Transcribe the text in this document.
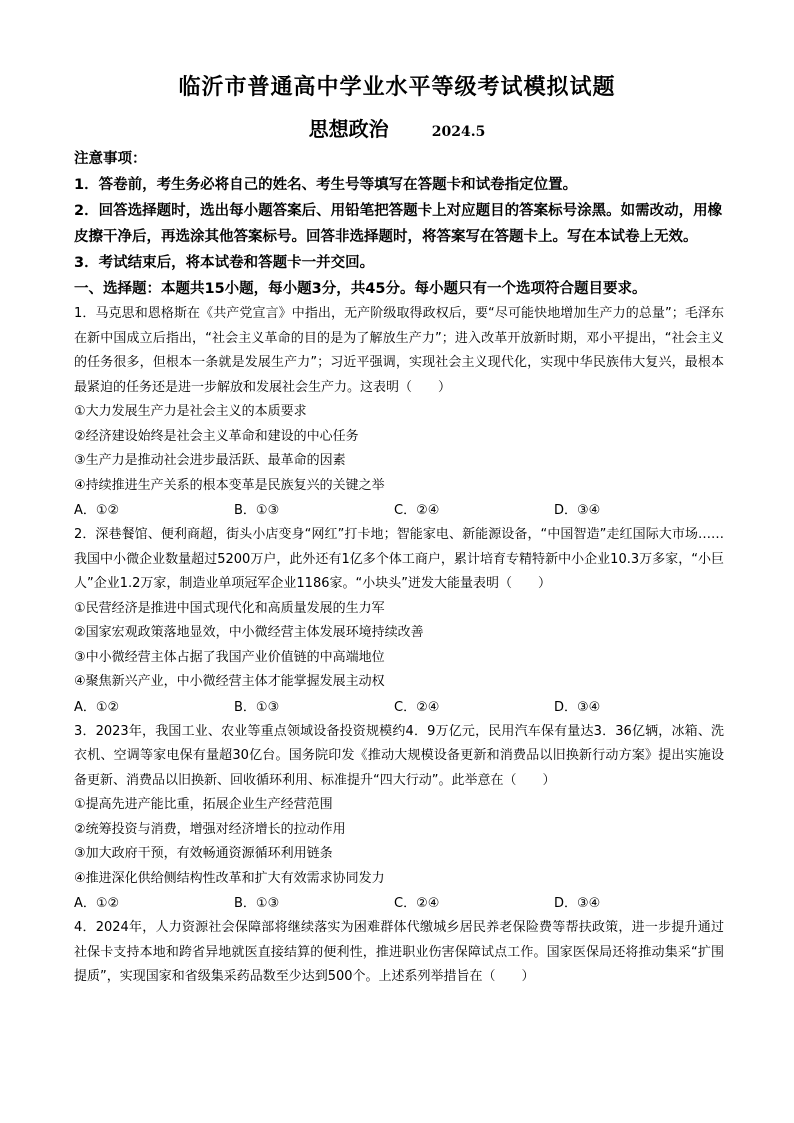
临沂市普通高中学业水平等级考试模拟试题
思想政治	2024.5

注意事项：

1．答卷前，考生务必将自己的姓名、考生号等填写在答题卡和试卷指定位置。

2．回答选择题时，选出每小题答案后、用铅笔把答题卡上对应题目的答案标号涂黑。如需改动，用橡皮擦干净后，再选涂其他答案标号。回答非选择题时，将答案写在答题卡上。写在本试卷上无效。

3．考试结束后，将本试卷和答题卡一并交回。

一、选择题：本题共15小题，每小题3分，共45分。每小题只有一个选项符合题目要求。

1．马克思和恩格斯在《共产党宣言》中指出，无产阶级取得政权后，要“尽可能快地增加生产力的总量”；毛泽东在新中国成立后指出，“社会主义革命的目的是为了解放生产力”；进入改革开放新时期，邓小平提出，“社会主义的任务很多，但根本一条就是发展生产力”；习近平强调，实现社会主义现代化，实现中华民族伟大复兴，最根本最紧迫的任务还是进一步解放和发展社会生产力。这表明（　　）

①大力发展生产力是社会主义的本质要求

②经济建设始终是社会主义革命和建设的中心任务

③生产力是推动社会进步最活跃、最革命的因素

④持续推进生产关系的根本变革是民族复兴的关键之举

A．①②	B．①③	C．②④	D．③④

2．深巷餐馆、便利商超，街头小店变身“网红”打卡地；智能家电、新能源设备，“中国智造”走红国际大市场……我国中小微企业数量超过5200万户，此外还有1亿多个体工商户，累计培育专精特新中小企业10.3万多家，“小巨人”企业1.2万家，制造业单项冠军企业1186家。“小块头”迸发大能量表明（　　）

①民营经济是推进中国式现代化和高质量发展的生力军

②国家宏观政策落地显效，中小微经营主体发展环境持续改善

③中小微经营主体占据了我国产业价值链的中高端地位

④聚焦新兴产业，中小微经营主体才能掌握发展主动权

A．①②	B．①③	C．②④	D．③④

3．2023年，我国工业、农业等重点领域设备投资规模约4．9万亿元，民用汽车保有量达3．36亿辆，冰箱、洗衣机、空调等家电保有量超30亿台。国务院印发《推动大规模设备更新和消费品以旧换新行动方案》提出实施设备更新、消费品以旧换新、回收循环利用、标准提升“四大行动”。此举意在（　　）

①提高先进产能比重，拓展企业生产经营范围

②统筹投资与消费，增强对经济增长的拉动作用

③加大政府干预，有效畅通资源循环利用链条

④推进深化供给侧结构性改革和扩大有效需求协同发力

A．①②	B．①③	C．②④	D．③④

4．2024年，人力资源社会保障部将继续落实为困难群体代缴城乡居民养老保险费等帮扶政策，进一步提升通过社保卡支持本地和跨省异地就医直接结算的便利性，推进职业伤害保障试点工作。国家医保局还将推动集采“扩围提质”，实现国家和省级集采药品数至少达到500个。上述系列举措旨在（　　）
